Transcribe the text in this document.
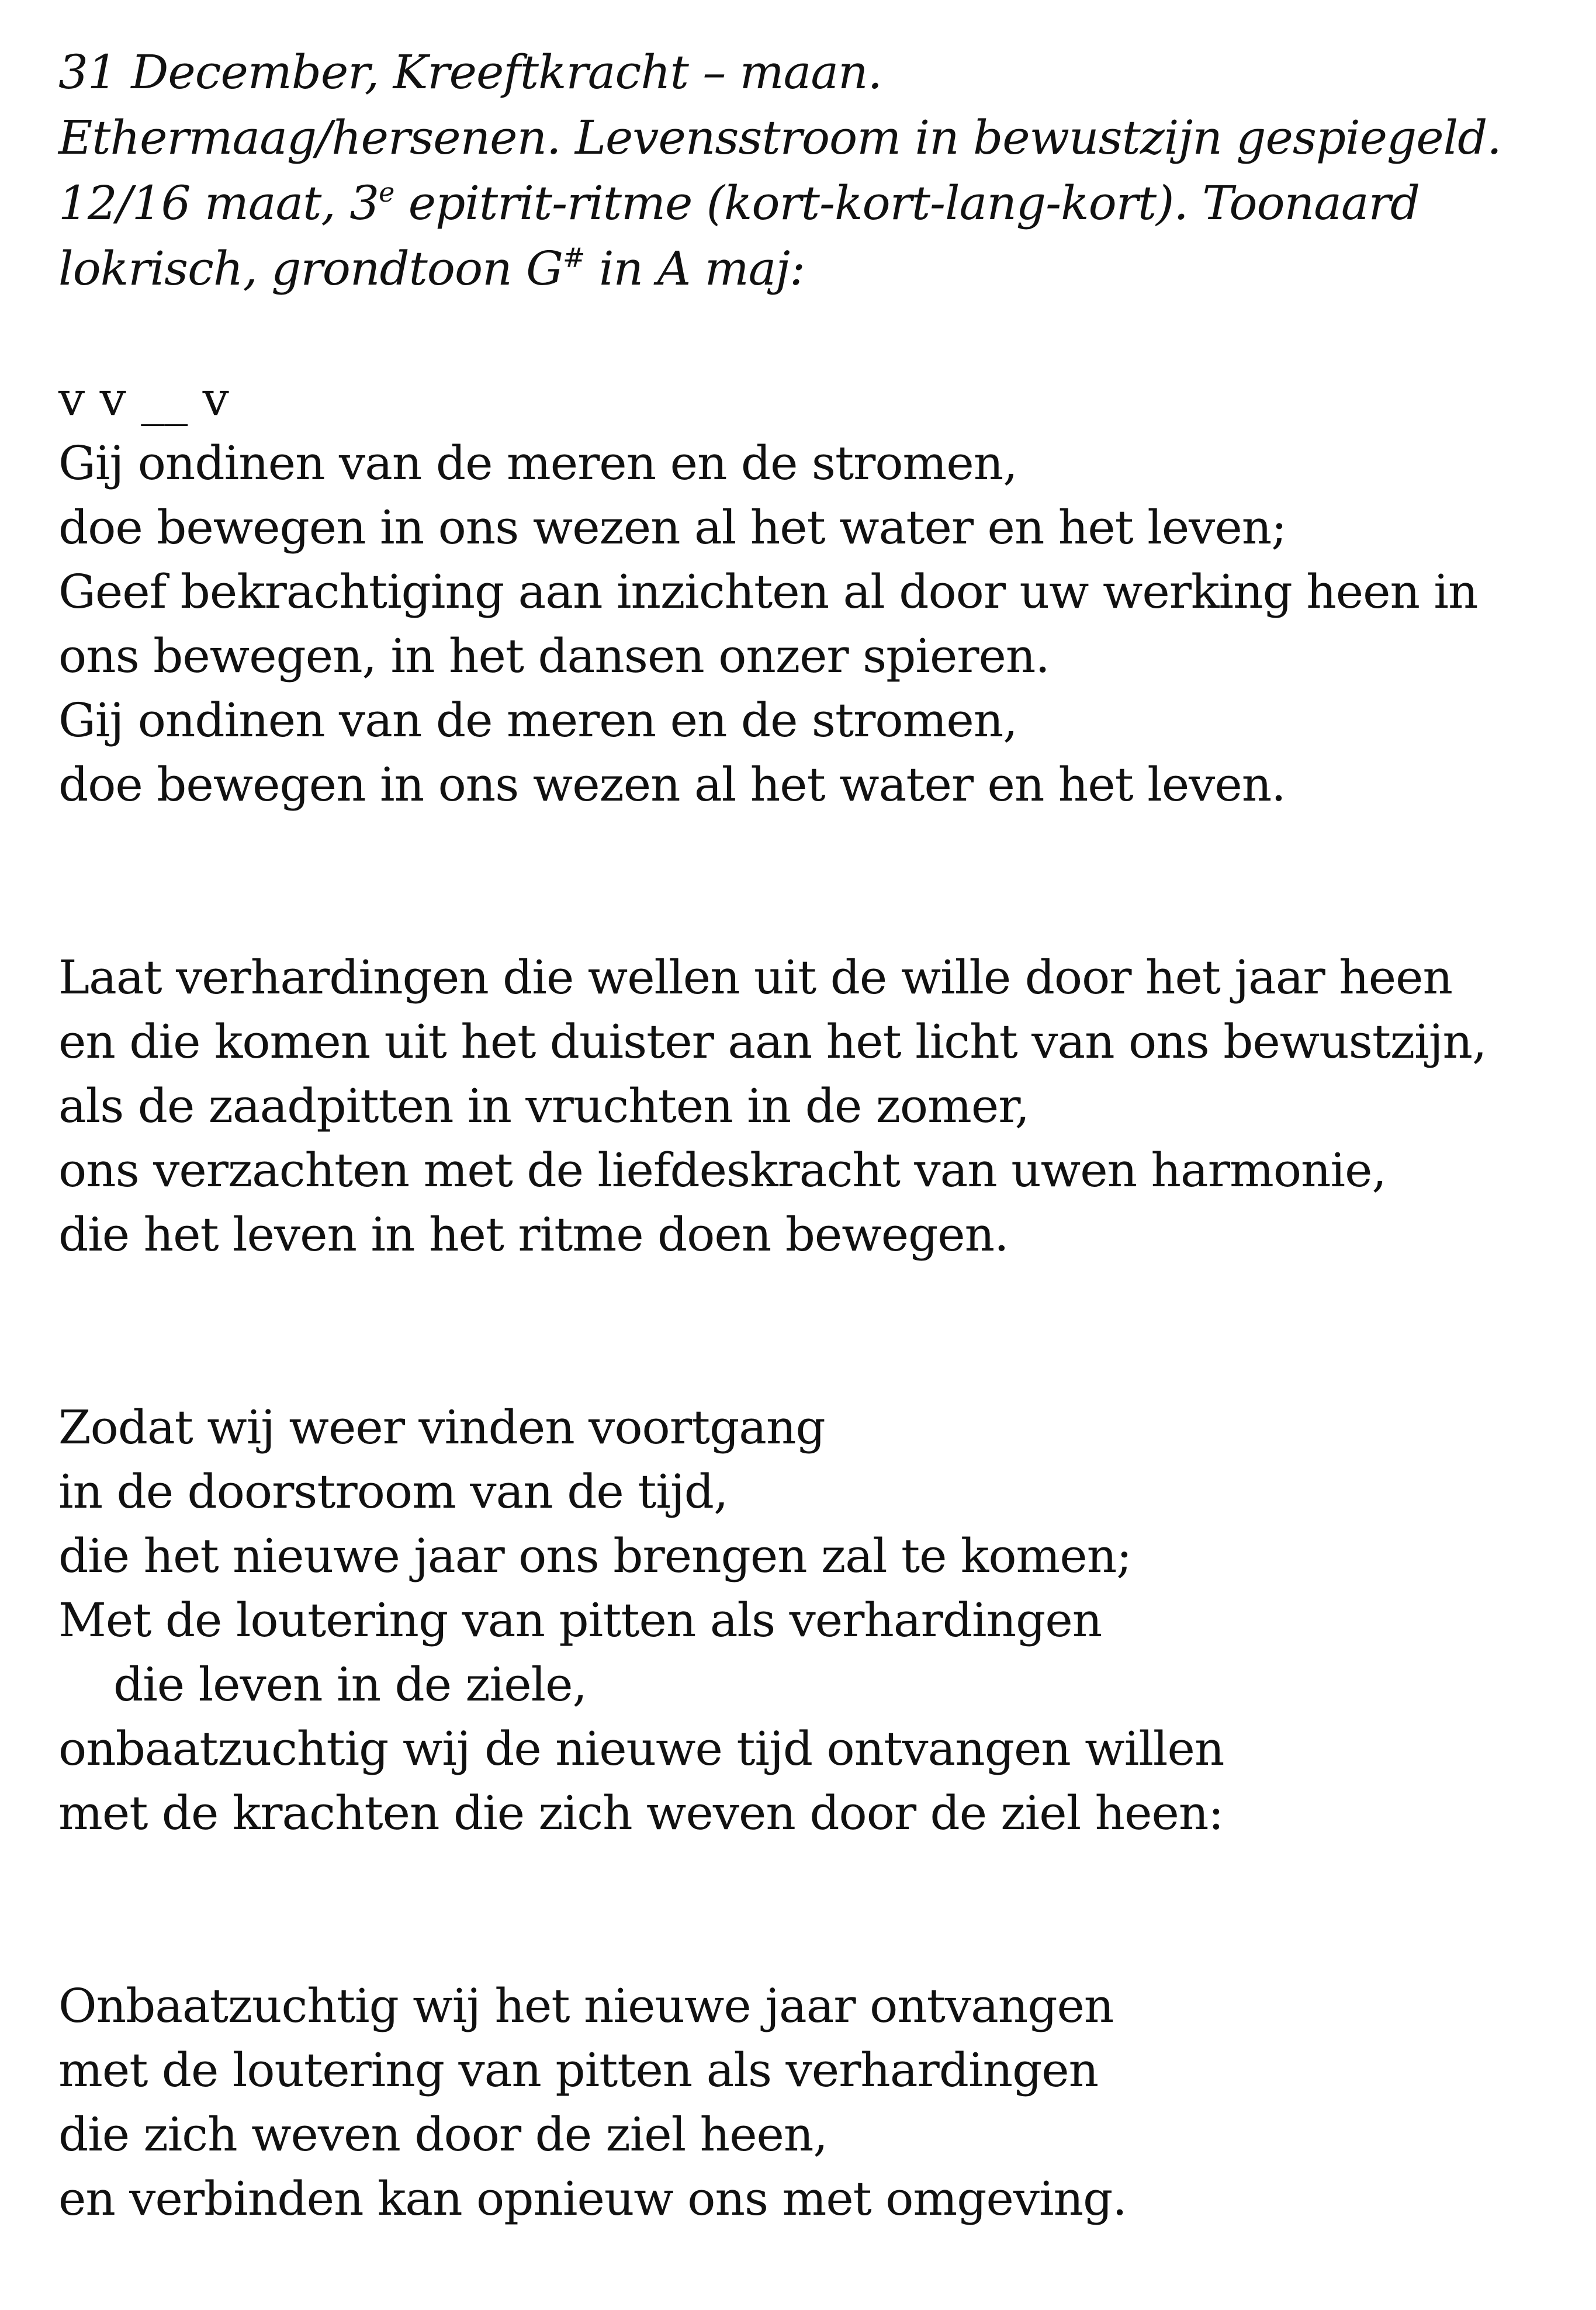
31 December, Kreeftkracht – maan.
Ethermaag/hersenen. Levensstroom in bewustzijn gespiegeld.
12/16 maat, 3e epitrit-ritme (kort-kort-lang-kort). Toonaard
lokrisch, grondtoon G# in A maj:
v v __ v
Gij ondinen van de meren en de stromen,
doe bewegen in ons wezen al het water en het leven;
Geef bekrachtiging aan inzichten al door uw werking heen in
ons bewegen, in het dansen onzer spieren.
Gij ondinen van de meren en de stromen,
doe bewegen in ons wezen al het water en het leven.
Laat verhardingen die wellen uit de wille door het jaar heen
en die komen uit het duister aan het licht van ons bewustzijn,
als de zaadpitten in vruchten in de zomer,
ons verzachten met de liefdeskracht van uwen harmonie,
die het leven in het ritme doen bewegen.
Zodat wij weer vinden voortgang
in de doorstroom van de tijd,
die het nieuwe jaar ons brengen zal te komen;
Met de loutering van pitten als verhardingen
die leven in de ziele,
onbaatzuchtig wij de nieuwe tijd ontvangen willen
met de krachten die zich weven door de ziel heen:
Onbaatzuchtig wij het nieuwe jaar ontvangen
met de loutering van pitten als verhardingen
die zich weven door de ziel heen,
en verbinden kan opnieuw ons met omgeving.
